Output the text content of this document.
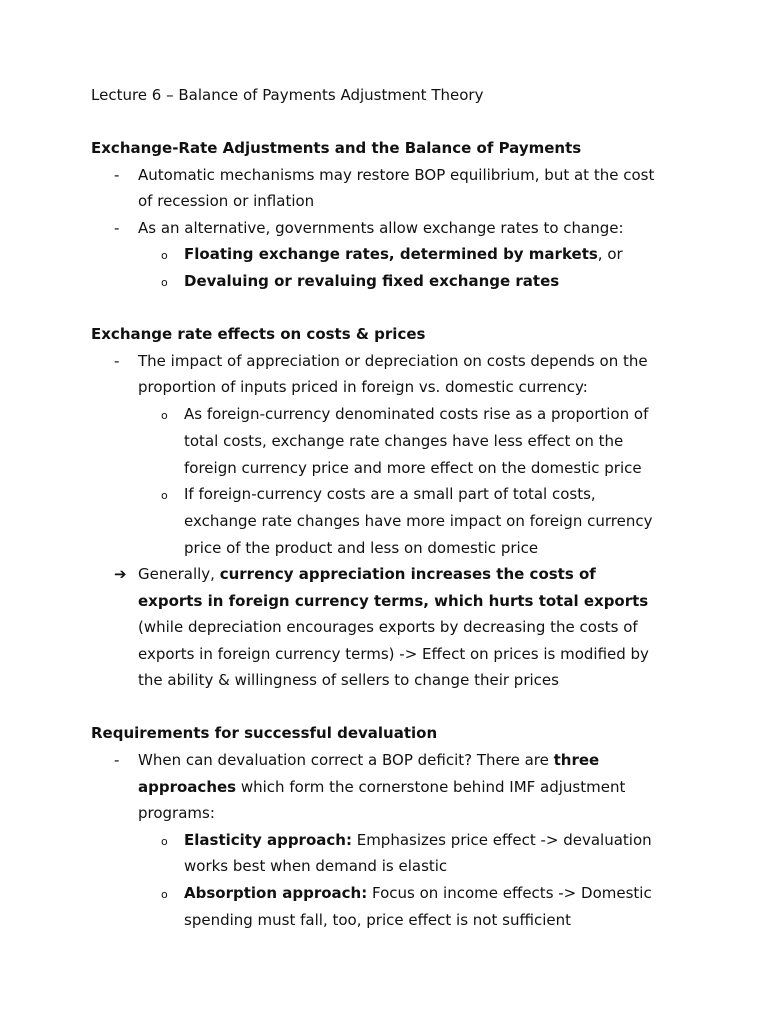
Lecture 6 – Balance of Payments Adjustment Theory
Exchange-Rate Adjustments and the Balance of Payments
- Automatic mechanisms may restore BOP equilibrium, but at the cost
of recession or inflation
- As an alternative, governments allow exchange rates to change:
o Floating exchange rates, determined by markets, or
o Devaluing or revaluing fixed exchange rates
Exchange rate effects on costs & prices
- The impact of appreciation or depreciation on costs depends on the
proportion of inputs priced in foreign vs. domestic currency:
o As foreign-currency denominated costs rise as a proportion of
total costs, exchange rate changes have less effect on the
foreign currency price and more effect on the domestic price
o If foreign-currency costs are a small part of total costs,
exchange rate changes have more impact on foreign currency
price of the product and less on domestic price
➔ Generally, currency appreciation increases the costs of
exports in foreign currency terms, which hurts total exports
(while depreciation encourages exports by decreasing the costs of
exports in foreign currency terms) -> Effect on prices is modified by
the ability & willingness of sellers to change their prices
Requirements for successful devaluation
- When can devaluation correct a BOP deficit? There are three
approaches which form the cornerstone behind IMF adjustment
programs:
o Elasticity approach: Emphasizes price effect -> devaluation
works best when demand is elastic
o Absorption approach: Focus on income effects -> Domestic
spending must fall, too, price effect is not sufficient
